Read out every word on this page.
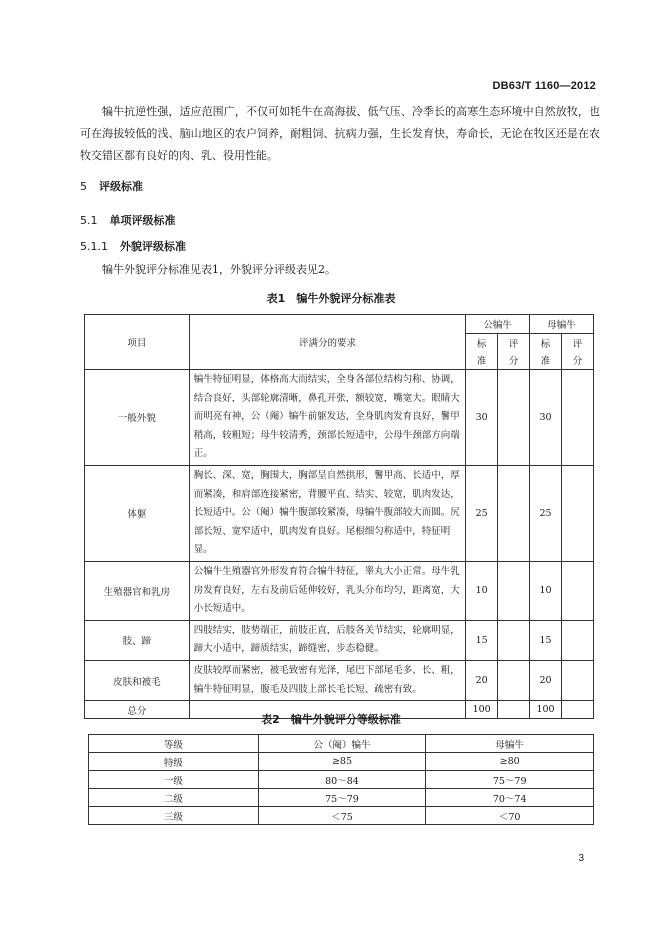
DB63/T 1160—2012
犏牛抗逆性强，适应范围广，不仅可如牦牛在高海拔、低气压、冷季长的高寒生态环境中自然放牧，也可在海拔较低的浅、脑山地区的农户饲养，耐粗饲、抗病力强，生长发育快，寿命长，无论在牧区还是在农牧交错区都有良好的肉、乳、役用性能。
5 评级标准
5.1 单项评级标准
5.1.1 外貌评级标准
犏牛外貌评分标准见表1，外貌评分评级表见2。
表1　犏牛外貌评分标准表
项目	评满分的要求	公犏牛		母犏牛	
		标	评	标	评
		准	分	准	分
一般外貌	犏牛特征明显，体格高大而结实，全身各部位结构匀称、协调，结合良好，头部轮廓清晰，鼻孔开张，额较宽，嘴宽大。眼睛大而明亮有神，公（阉）犏牛前躯发达，全身肌肉发育良好，鬐甲稍高，较粗短；母牛较清秀，颈部长短适中，公母牛颈部方向端正。	30		30	
体躯	胸长、深、宽，胸围大，胸部呈自然拱形，鬐甲高、长适中，厚而紧凑，和肩部连接紧密，背腰平直、结实、较宽，肌肉发达，长短适中。公（阉）犏牛腹部较紧凑，母犏牛腹部较大而圆。尻部长短、宽窄适中，肌肉发育良好。尾根细匀称适中，特征明显。	25		25	
生殖器官和乳房	公犏牛生殖器官外形发育符合犏牛特征，睾丸大小正常。母牛乳房发育良好，左右及前后延伸较好，乳头分布均匀，距离宽，大小长短适中。	10		10	
肢、蹄	四肢结实，肢势端正，前肢正直，后肢各关节结实，轮廓明显，蹄大小适中，蹄质结实，蹄缝密，步态稳健。	15		15	
皮肤和被毛	皮肤较厚而紧密，被毛致密有光泽，尾巴下部尾毛多、长、粗，犏牛特征明显，腹毛及四肢上部长毛长短、疏密有致。	20		20	
总分		100		100	
表2　犏牛外貌评分等级标准
等级	公（阉）犏牛	母犏牛
特级	≥85	≥80
一级	80～84	75～79
二级	75～79	70～74
三级	＜75	＜70
3
